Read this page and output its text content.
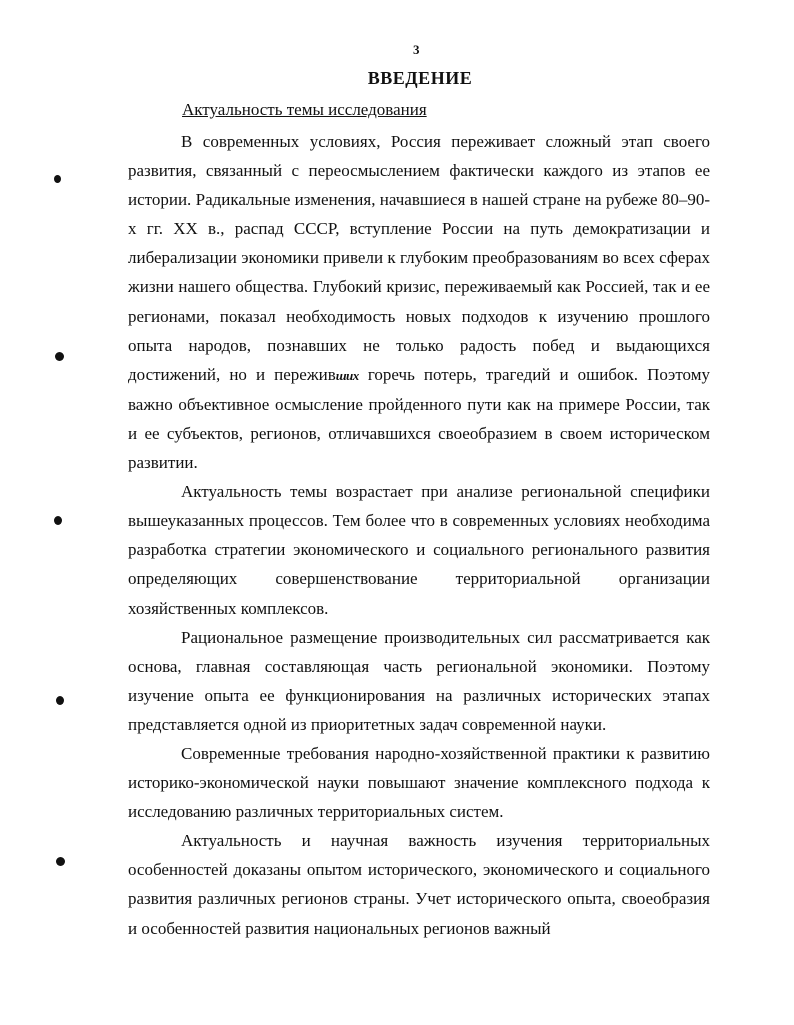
3
ВВЕДЕНИЕ
Актуальность темы исследования

В современных условиях, Россия переживает сложный этап своего развития, связанный с переосмыслением фактически каждого из этапов ее истории. Радикальные изменения, начавшиеся в нашей стране на рубеже 80–90-х гг. XX в., распад СССР, вступление России на путь демократизации и либерализации экономики привели к глубоким преобразованиям во всех сферах жизни нашего общества. Глубокий кризис, переживаемый как Россией, так и ее регионами, показал необходимость новых подходов к изучению прошлого опыта народов, познавших не только радость побед и выдающихся достижений, но и переживших горечь потерь, трагедий и ошибок. Поэтому важно объективное осмысление пройденного пути как на примере России, так и ее субъектов, регионов, отличавшихся своеобразием в своем историческом развитии.

Актуальность темы возрастает при анализе региональной специфики вышеуказанных процессов. Тем более что в современных условиях необходима разработка стратегии экономического и социального регионального развития определяющих совершенствование территориальной организации хозяйственных комплексов.

Рациональное размещение производительных сил рассматривается как основа, главная составляющая часть региональной экономики. Поэтому изучение опыта ее функционирования на различных исторических этапах представляется одной из приоритетных задач современной науки.

Современные требования народно-хозяйственной практики к развитию историко-экономической науки повышают значение комплексного подхода к исследованию различных территориальных систем.

Актуальность и научная важность изучения территориальных особенностей доказаны опытом исторического, экономического и социального развития различных регионов страны. Учет исторического опыта, своеобразия и особенностей развития национальных регионов важный
